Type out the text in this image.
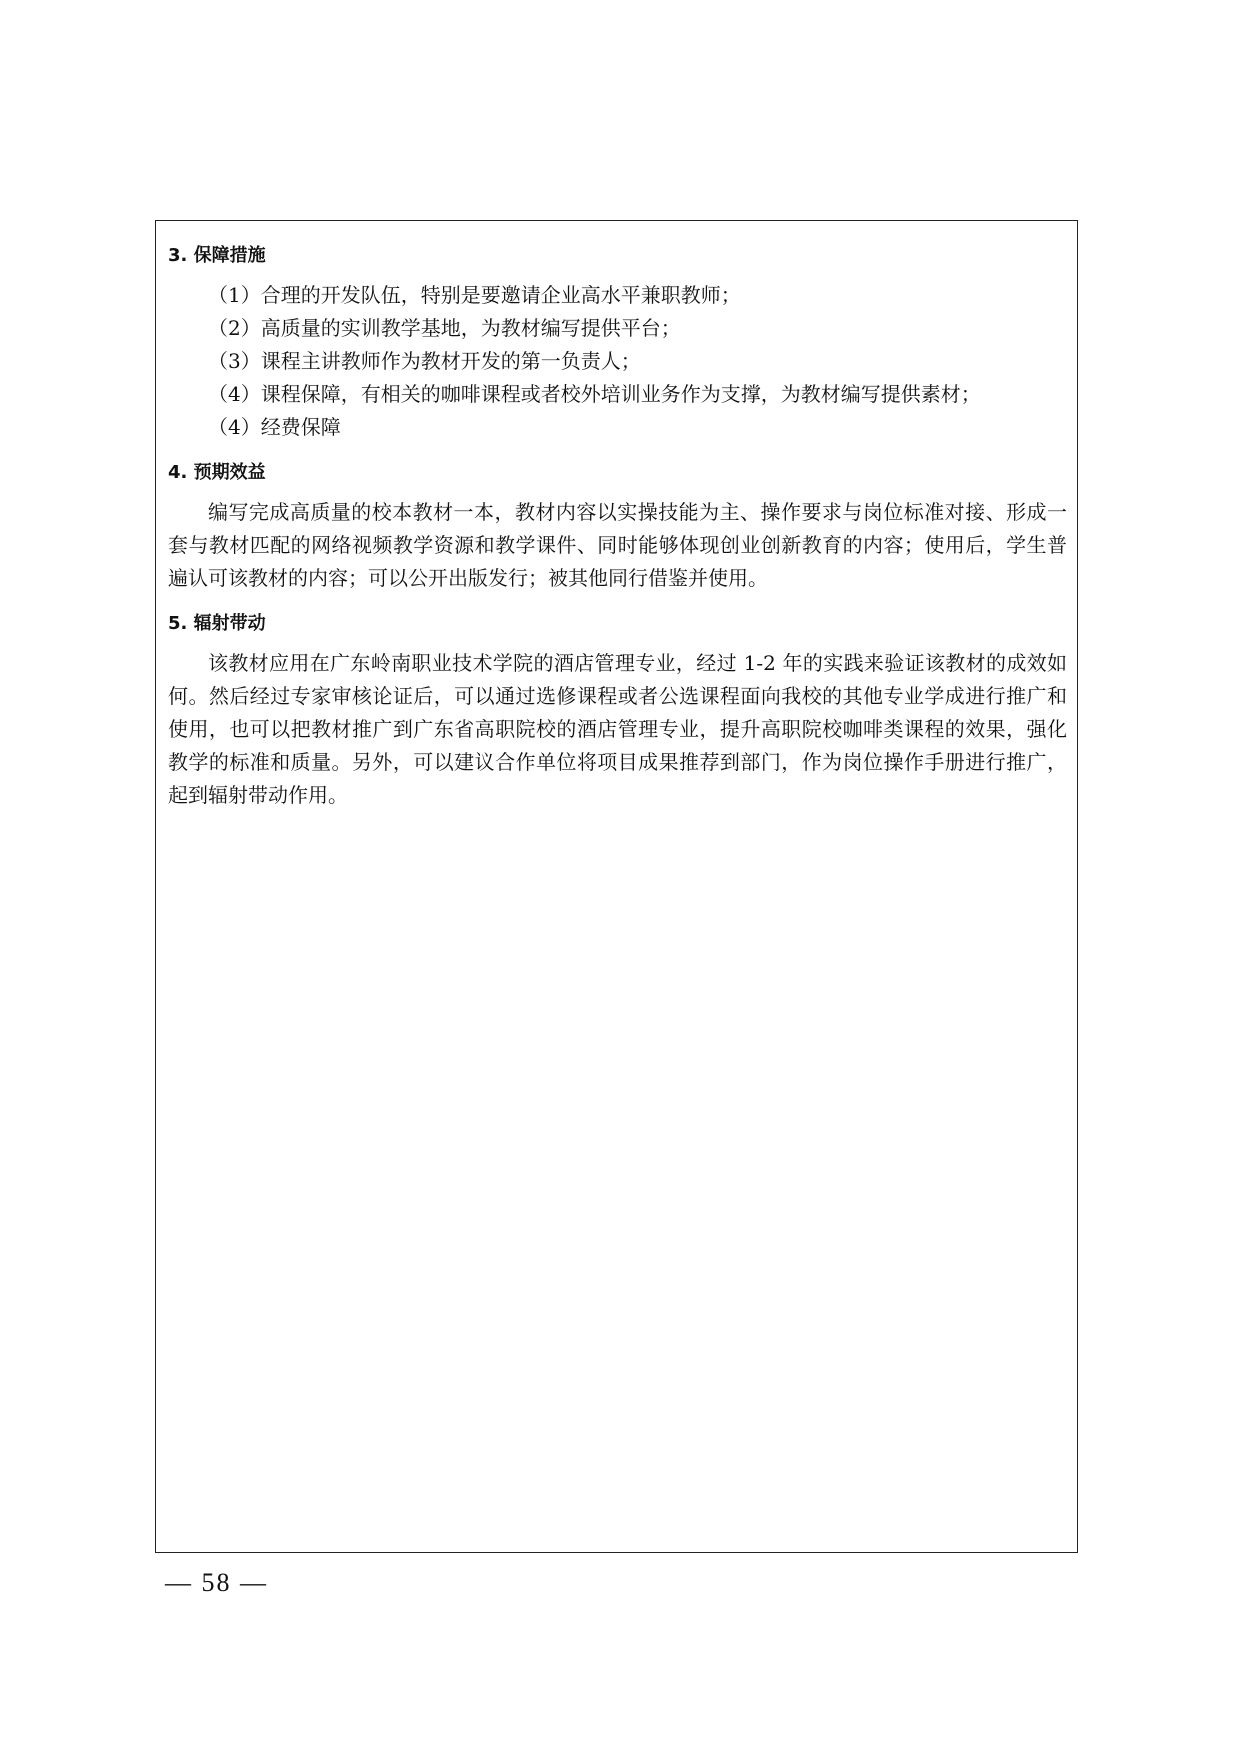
3. 保障措施

（1）合理的开发队伍，特别是要邀请企业高水平兼职教师；

（2）高质量的实训教学基地，为教材编写提供平台；

（3）课程主讲教师作为教材开发的第一负责人；

（4）课程保障，有相关的咖啡课程或者校外培训业务作为支撑，为教材编写提供素材；

（4）经费保障

4. 预期效益

编写完成高质量的校本教材一本，教材内容以实操技能为主、操作要求与岗位标准对接、形成一套与教材匹配的网络视频教学资源和教学课件、同时能够体现创业创新教育的内容；使用后，学生普遍认可该教材的内容；可以公开出版发行；被其他同行借鉴并使用。

5. 辐射带动

该教材应用在广东岭南职业技术学院的酒店管理专业，经过 1-2 年的实践来验证该教材的成效如何。然后经过专家审核论证后，可以通过选修课程或者公选课程面向我校的其他专业学成进行推广和使用，也可以把教材推广到广东省高职院校的酒店管理专业，提升高职院校咖啡类课程的效果，强化教学的标准和质量。另外，可以建议合作单位将项目成果推荐到部门，作为岗位操作手册进行推广，起到辐射带动作用。

— 58 —
